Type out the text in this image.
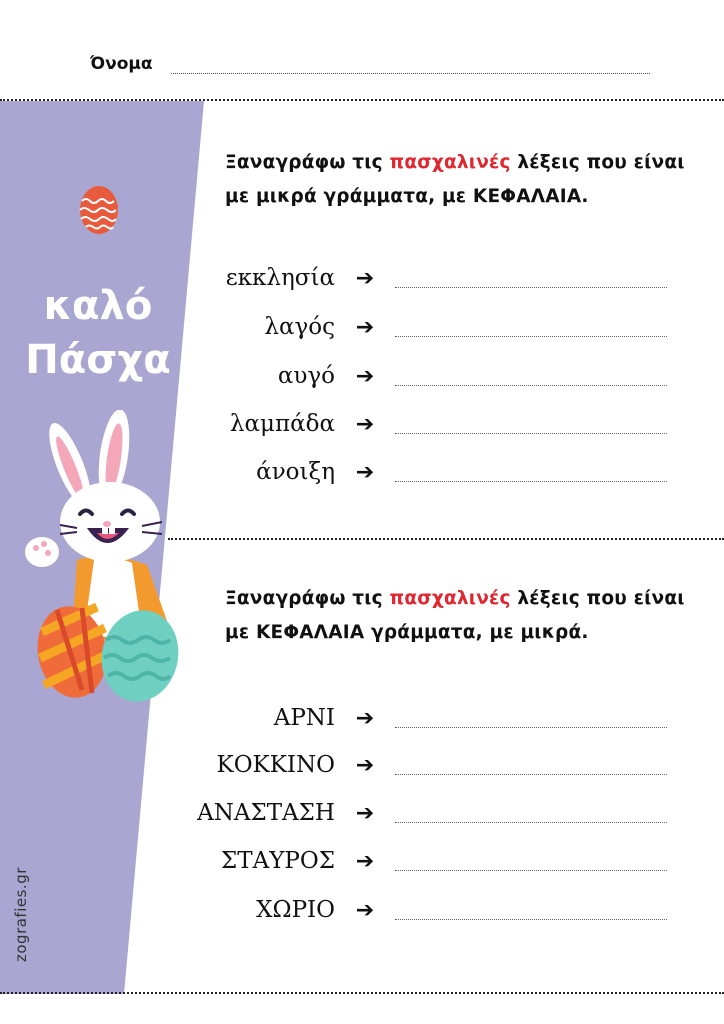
Όνομα
καλό
Πάσχα
zografies.gr
Ξαναγράφω τις πασχαλινές λέξεις που είναι
με μικρά γράμματα, με ΚΕΦΑΛΑΙΑ.
εκκλησία ➔
λαγός ➔
αυγό ➔
λαμπάδα ➔
άνοιξη ➔
Ξαναγράφω τις πασχαλινές λέξεις που είναι
με ΚΕΦΑΛΑΙΑ γράμματα, με μικρά.
ΑΡΝΙ ➔
ΚΟΚΚΙΝΟ ➔
ΑΝΑΣΤΑΣΗ ➔
ΣΤΑΥΡΟΣ ➔
ΧΩΡΙΟ ➔
